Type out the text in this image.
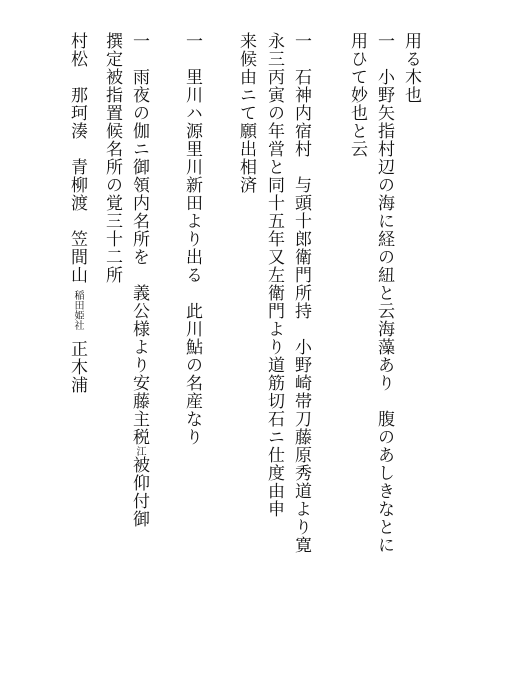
用る木也
一　小野矢指村辺の海に経の紐と云海藻あり　腹のあしきなとに
用ひて妙也と云
一　石神内宿村　与頭十郎衛門所持　小野崎帯刀藤原秀道より寛
永三丙寅の年営と同十五年又左衛門より道筋切石ニ仕度由申
来候由ニて願出相済
一　里川ハ源里川新田より出る　此川鮎の名産なり
一　雨夜の伽ニ御領内名所を　義公様より安藤主税江被仰付御
撰定被指置候名所の覚三十二所
村松　那珂湊　青柳渡　笠間山稲田姫社正木浦
